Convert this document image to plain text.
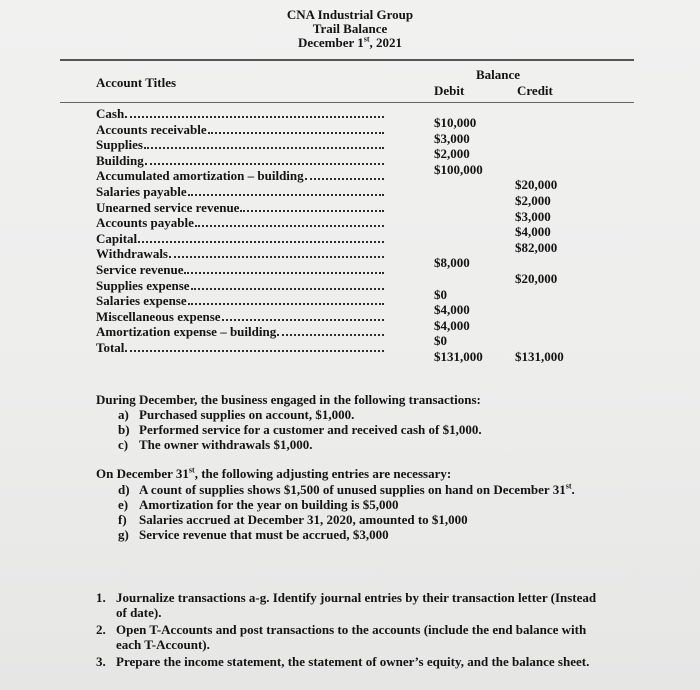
CNA Industrial Group
Trail Balance
December 1st, 2021
Account Titles
Balance
Debit	Credit
Cash
$10,000
Accounts receivable
$3,000
Supplies
$2,000
Building
$100,000
Accumulated amortization – building
$20,000
Salaries payable
$2,000
Unearned service revenue
$3,000
Accounts payable
$4,000
Capital
$82,000
Withdrawals
$8,000
Service revenue
$20,000
Supplies expense
$0
Salaries expense
$4,000
Miscellaneous expense
$4,000
Amortization expense – building
$0
Total
$131,000 $131,000
During December, the business engaged in the following transactions:
a) Purchased supplies on account, $1,000.
b) Performed service for a customer and received cash of $1,000.
c) The owner withdrawals $1,000.
On December 31st, the following adjusting entries are necessary:
d) A count of supplies shows $1,500 of unused supplies on hand on December 31st.
e) Amortization for the year on building is $5,000
f) Salaries accrued at December 31, 2020, amounted to $1,000
g) Service revenue that must be accrued, $3,000
1. Journalize transactions a-g. Identify journal entries by their transaction letter (Instead
of date).
2. Open T-Accounts and post transactions to the accounts (include the end balance with
each T-Account).
3. Prepare the income statement, the statement of owner’s equity, and the balance sheet.
